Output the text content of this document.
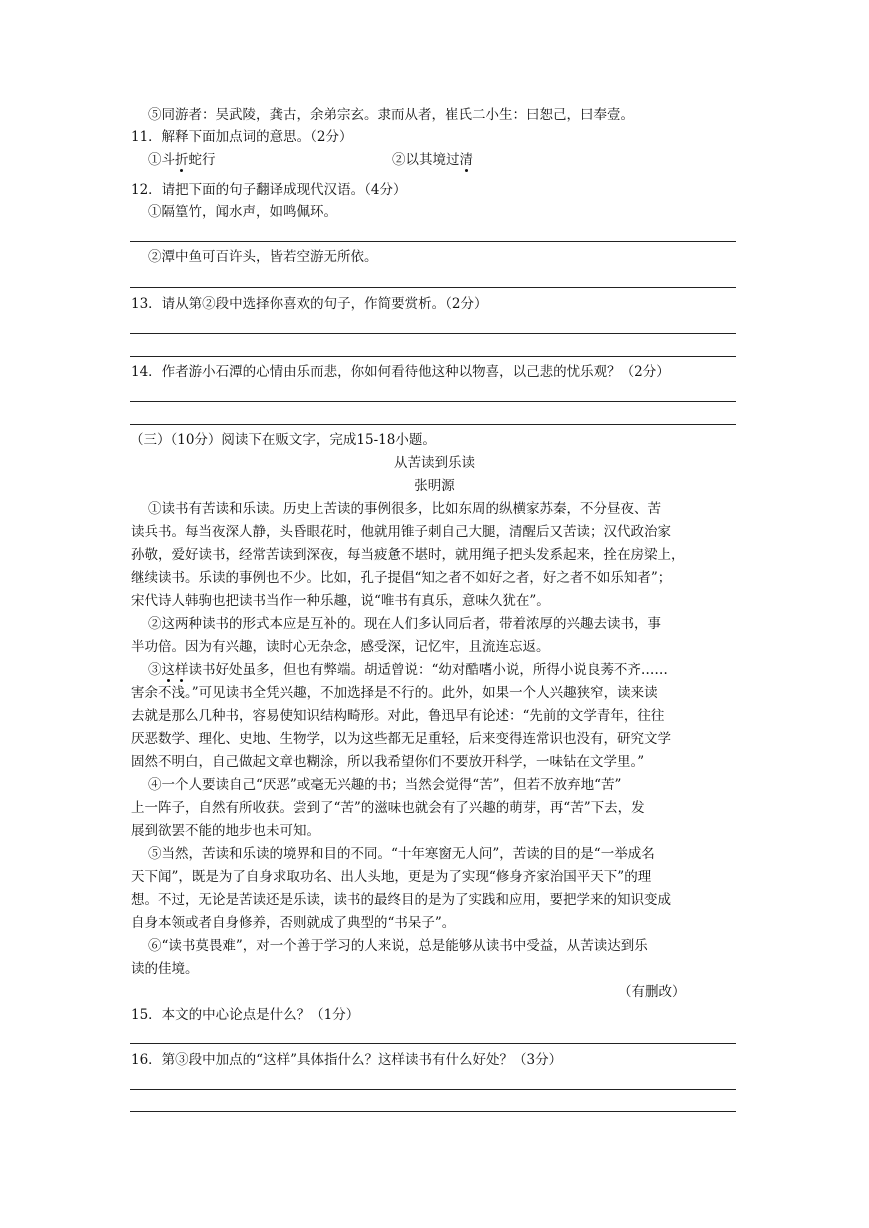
⑤同游者：吴武陵，龚古，余弟宗玄。隶而从者，崔氏二小生：曰恕己，曰奉壹。
11．解释下面加点词的意思。（2分）
①斗折蛇行	②以其境过清
12．请把下面的句子翻译成现代汉语。（4分）
①隔篁竹，闻水声，如鸣佩环。
②潭中鱼可百许头，皆若空游无所依。
13．请从第②段中选择你喜欢的句子，作简要赏析。（2分）
14．作者游小石潭的心情由乐而悲，你如何看待他这种以物喜，以己悲的忧乐观？（2分）
（三）（10分）阅读下在贩文字，完成15-18小题。
从苦读到乐读
张明源
①读书有苦读和乐读。历史上苦读的事例很多，比如东周的纵横家苏秦，不分昼夜、苦
读兵书。每当夜深人静，头昏眼花时，他就用锥子刺自己大腿，清醒后又苦读；汉代政治家
孙敬，爱好读书，经常苦读到深夜，每当疲惫不堪时，就用绳子把头发系起来，拴在房梁上，
继续读书。乐读的事例也不少。比如，孔子提倡“知之者不如好之者，好之者不如乐知者”；
宋代诗人韩驹也把读书当作一种乐趣，说“唯书有真乐，意味久犹在”。
②这两种读书的形式本应是互补的。现在人们多认同后者，带着浓厚的兴趣去读书，事
半功倍。因为有兴趣，读时心无杂念，感受深，记忆牢，且流连忘返。
③这样读书好处虽多，但也有弊端。胡适曾说：“幼对酷嗜小说，所得小说良莠不齐……
害余不浅。”可见读书全凭兴趣，不加选择是不行的。此外，如果一个人兴趣狭窄，读来读
去就是那么几种书，容易使知识结构畸形。对此，鲁迅早有论述：“先前的文学青年，往往
厌恶数学、理化、史地、生物学，以为这些都无足重轻，后来变得连常识也没有，研究文学
固然不明白，自己做起文章也糊涂，所以我希望你们不要放开科学，一味钻在文学里。”
④一个人要读自己“厌恶”或毫无兴趣的书；当然会觉得“苦”，但若不放弃地“苦”
上一阵子，自然有所收获。尝到了“苦”的滋味也就会有了兴趣的萌芽，再“苦”下去，发
展到欲罢不能的地步也未可知。
⑤当然，苦读和乐读的境界和目的不同。“十年寒窗无人问”，苦读的目的是“一举成名
天下闻”，既是为了自身求取功名、出人头地，更是为了实现“修身齐家治国平天下”的理
想。不过，无论是苦读还是乐读，读书的最终目的是为了实践和应用，要把学来的知识变成
自身本领或者自身修养，否则就成了典型的“书呆子”。
⑥“读书莫畏难”，对一个善于学习的人来说，总是能够从读书中受益，从苦读达到乐
读的佳境。
（有删改）
15．本文的中心论点是什么？（1分）
16．第③段中加点的“这样”具体指什么？这样读书有什么好处？（3分）
